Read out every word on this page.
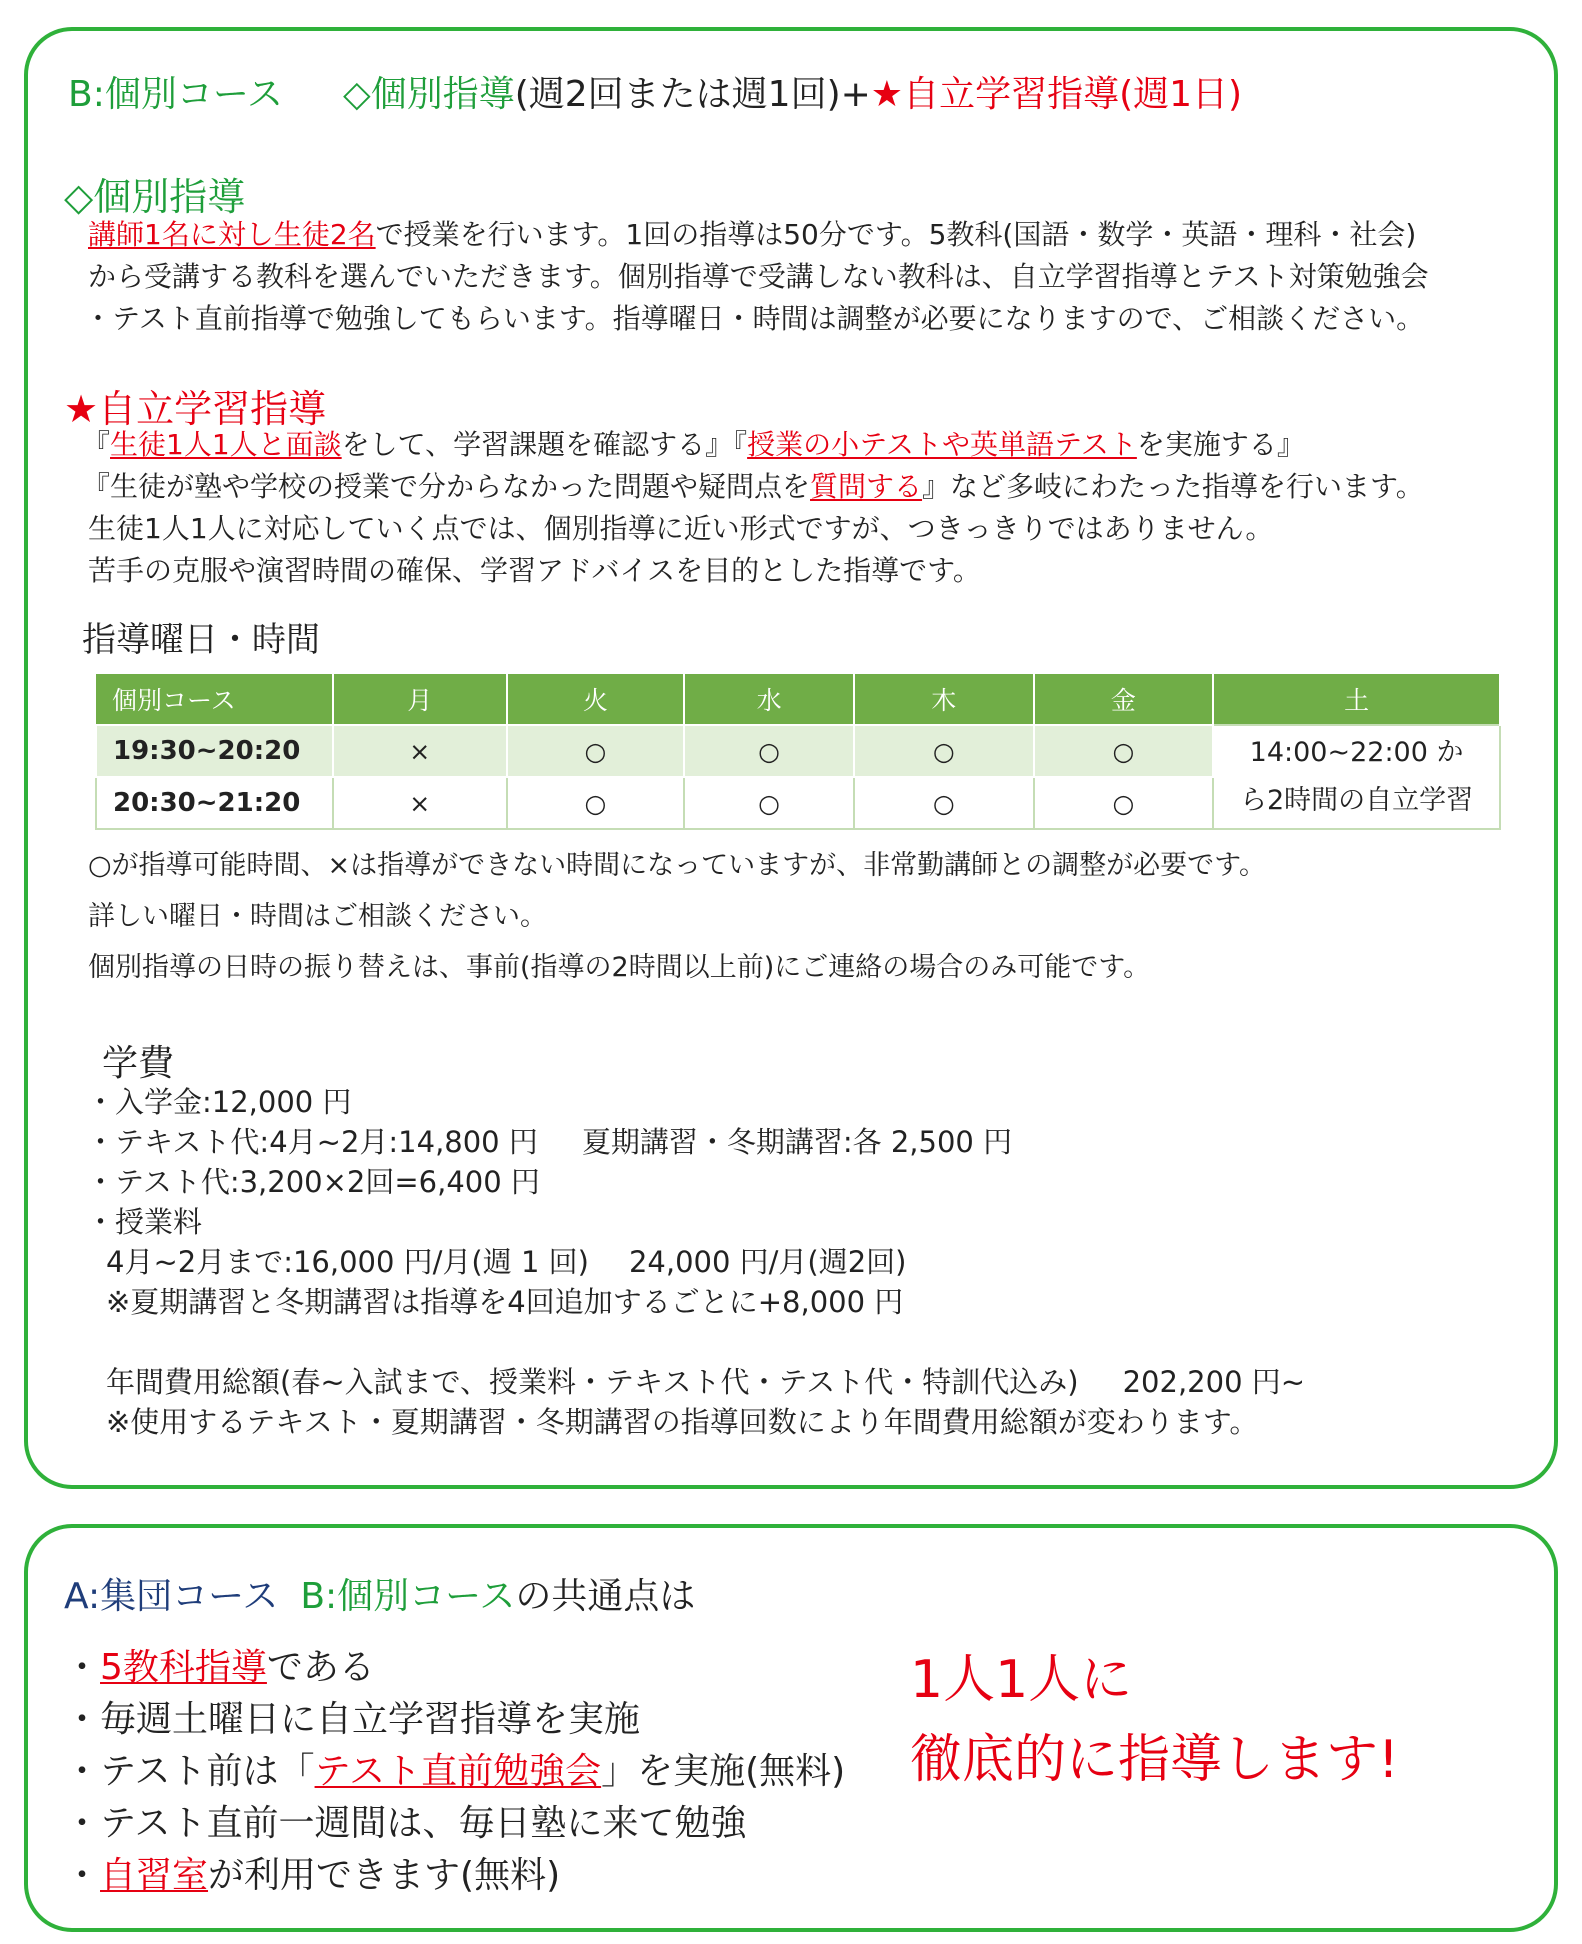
B:個別コース ◇個別指導(週2回または週1回)+★自立学習指導(週1日)
◇個別指導
講師1名に対し生徒2名で授業を行います。1回の指導は50分です。5教科(国語・数学・英語・理科・社会)
から受講する教科を選んでいただきます。個別指導で受講しない教科は、自立学習指導とテスト対策勉強会
・テスト直前指導で勉強してもらいます。指導曜日・時間は調整が必要になりますので、ご相談ください。
★自立学習指導
『生徒1人1人と面談をして、学習課題を確認する』『授業の小テストや英単語テストを実施する』
『生徒が塾や学校の授業で分からなかった問題や疑問点を質問する』など多岐にわたった指導を行います。
生徒1人1人に対応していく点では、個別指導に近い形式ですが、つきっきりではありません。
苦手の克服や演習時間の確保、学習アドバイスを目的とした指導です。
指導曜日・時間
個別コース	月	火	水	木	金	土
19:30~20:20	×	○	○	○	○	14:00~22:00 か
ら2時間の自立学習

20:30~21:20	×	○	○	○	○	
○が指導可能時間、×は指導ができない時間になっていますが、非常勤講師との調整が必要です。
詳しい曜日・時間はご相談ください。
個別指導の日時の振り替えは、事前(指導の2時間以上前)にご連絡の場合のみ可能です。
学費
・入学金:12,000 円
・テキスト代:4月~2月:14,800 円 夏期講習・冬期講習:各 2,500 円
・テスト代:3,200×2回=6,400 円
・授業料
4月~2月まで:16,000 円/月(週 1 回) 24,000 円/月(週2回)
※夏期講習と冬期講習は指導を4回追加するごとに+8,000 円
年間費用総額(春~入試まで、授業料・テキスト代・テスト代・特訓代込み) 202,200 円~
※使用するテキスト・夏期講習・冬期講習の指導回数により年間費用総額が変わります。
A:集団コース B:個別コースの共通点は
・5教科指導である
・毎週土曜日に自立学習指導を実施
・テスト前は「テスト直前勉強会」を実施(無料)
・テスト直前一週間は、毎日塾に来て勉強
・自習室が利用できます(無料)
1人1人に
徹底的に指導します!
